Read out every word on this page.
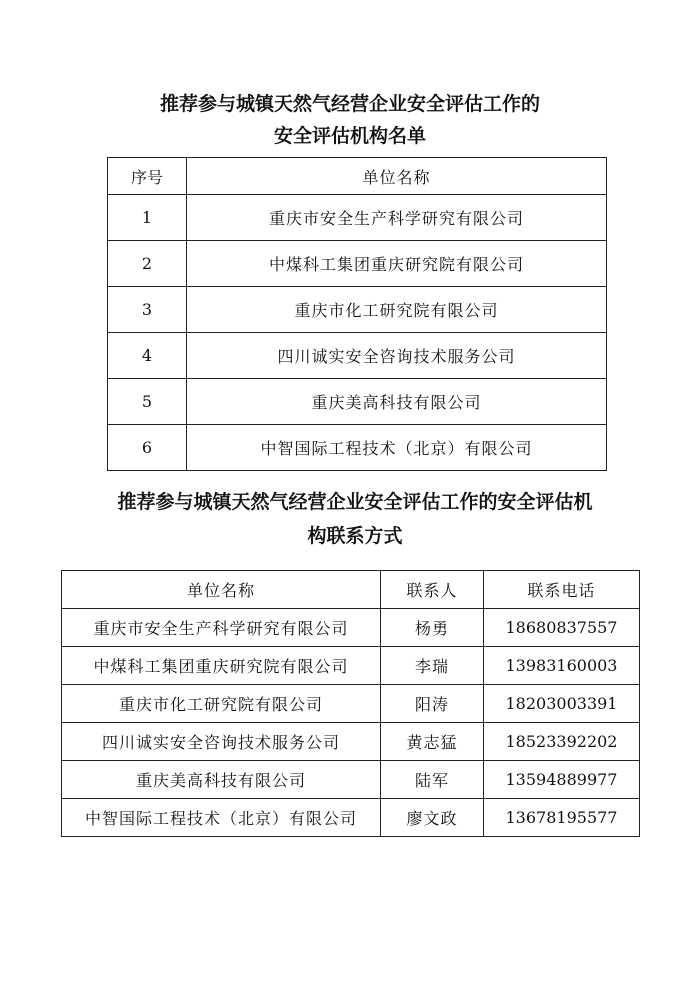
推荐参与城镇天然气经营企业安全评估工作的
安全评估机构名单
序号	单位名称
1	重庆市安全生产科学研究有限公司
2	中煤科工集团重庆研究院有限公司
3	重庆市化工研究院有限公司
4	四川诚实安全咨询技术服务公司
5	重庆美高科技有限公司
6	中智国际工程技术（北京）有限公司
推荐参与城镇天然气经营企业安全评估工作的安全评估机
构联系方式
单位名称	联系人	联系电话
重庆市安全生产科学研究有限公司	杨勇	18680837557
中煤科工集团重庆研究院有限公司	李瑞	13983160003
重庆市化工研究院有限公司	阳涛	18203003391
四川诚实安全咨询技术服务公司	黄志猛	18523392202
重庆美高科技有限公司	陆军	13594889977
中智国际工程技术（北京）有限公司	廖文政	13678195577
